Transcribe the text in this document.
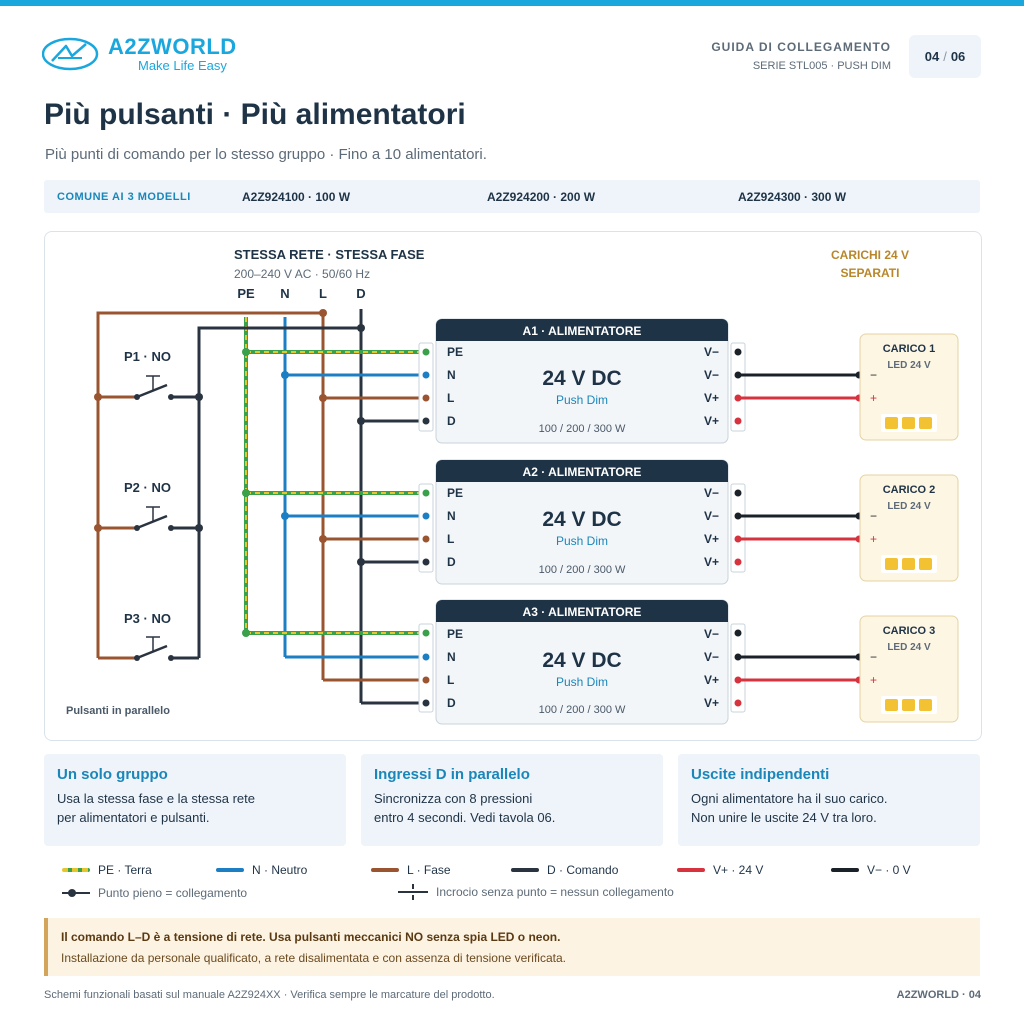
A2ZWORLD
Make Life Easy
GUIDA DI COLLEGAMENTO
SERIE STL005 · PUSH DIM
04 / 06
Più pulsanti · Più alimentatori
Più punti di comando per lo stesso gruppo · Fino a 10 alimentatori.
COMUNE AI 3 MODELLI	A2Z924100 · 100 W	A2Z924200 · 200 W	A2Z924300 · 300 W
STESSA RETE · STESSA FASE
200–240 V AC · 50/60 Hz
PE N L D
CARICHI 24 V
SEPARATI
P1 · NO
P2 · NO
P3 · NO
Pulsanti in parallelo
A1 · ALIMENTATORE
24 V DC
Push Dim
100 / 200 / 300 W
PE
N
L
D
V−
V−
V+
V+
A2 · ALIMENTATORE
24 V DC
Push Dim
100 / 200 / 300 W
PE
N
L
D
V−
V−
V+
V+
A3 · ALIMENTATORE
24 V DC
Push Dim
100 / 200 / 300 W
PE
N
L
D
V−
V−
V+
V+
CARICO 1
LED 24 V
−
+
CARICO 2
LED 24 V
−
+
CARICO 3
LED 24 V
−
+
Un solo gruppo
Usa la stessa fase e la stessa rete
per alimentatori e pulsanti.
Ingressi D in parallelo
Sincronizza con 8 pressioni
entro 4 secondi. Vedi tavola 06.
Uscite indipendenti
Ogni alimentatore ha il suo carico.
Non unire le uscite 24 V tra loro.
PE · Terra	N · Neutro	L · Fase	D · Comando	V+ · 24 V	V− · 0 V
Punto pieno = collegamento	Incrocio senza punto = nessun collegamento
Il comando L–D è a tensione di rete. Usa pulsanti meccanici NO senza spia LED o neon.
Installazione da personale qualificato, a rete disalimentata e con assenza di tensione verificata.
Schemi funzionali basati sul manuale A2Z924XX · Verifica sempre le marcature del prodotto.	A2ZWORLD · 04
